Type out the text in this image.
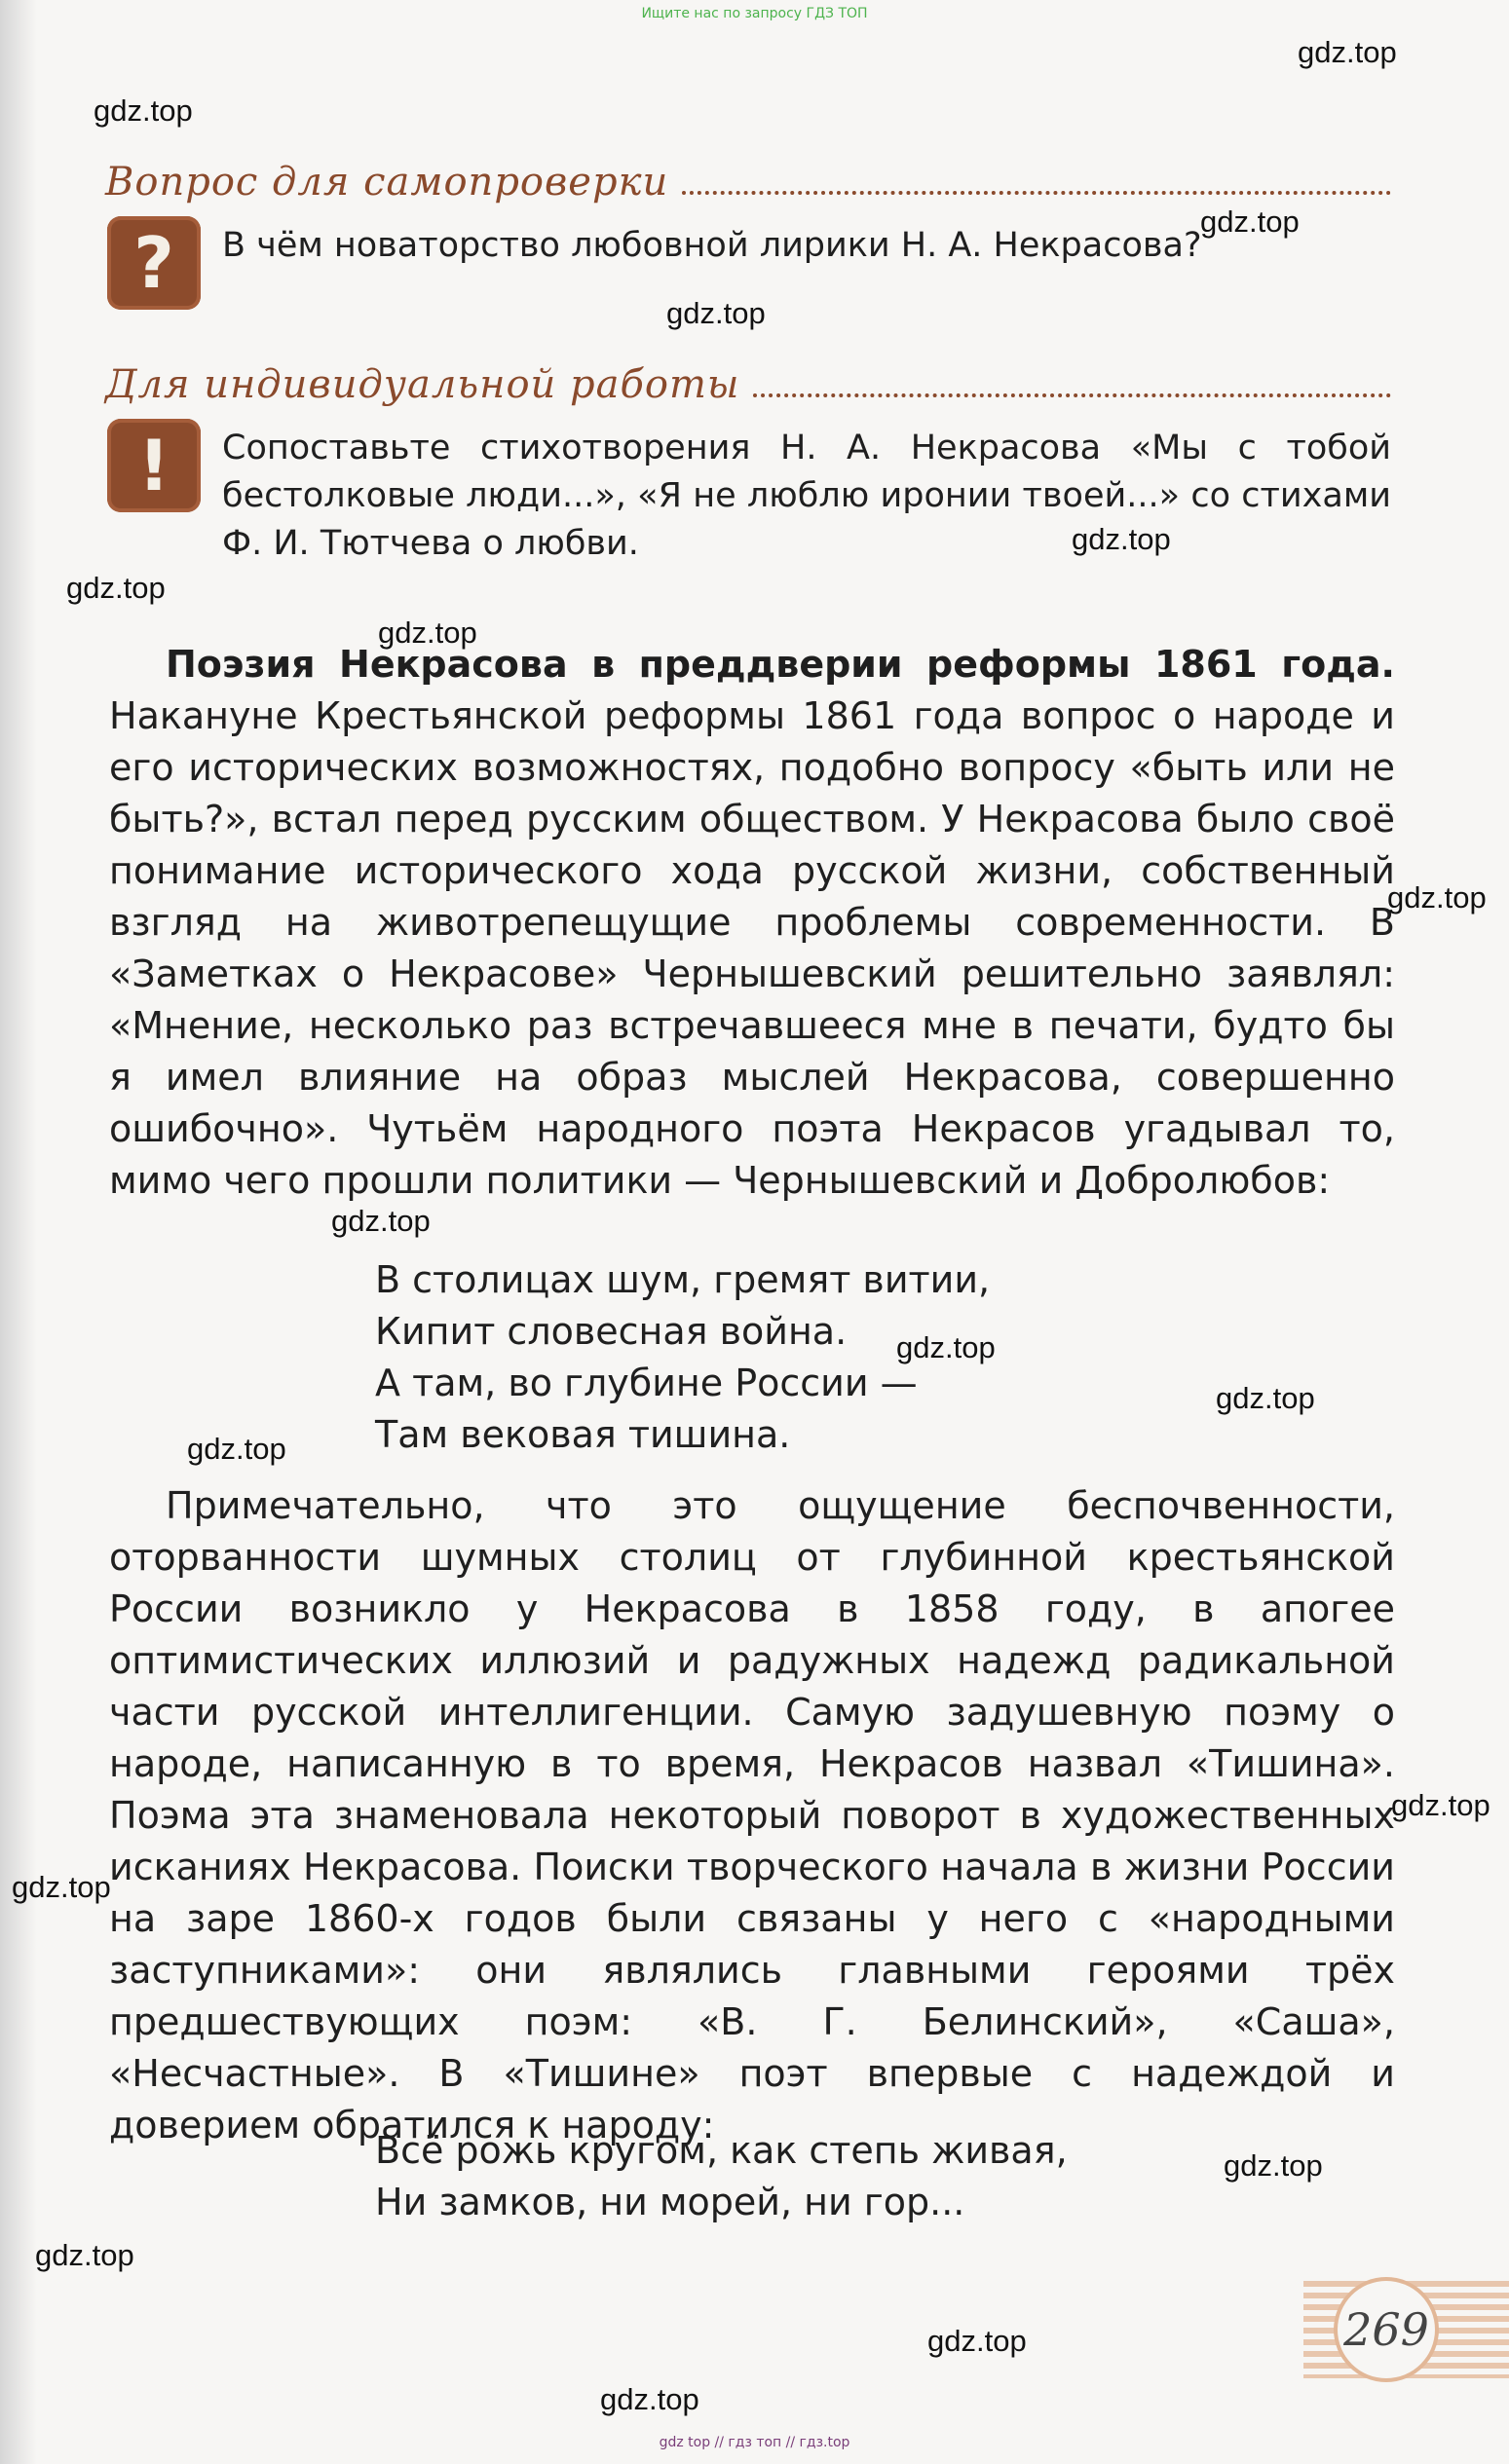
Ищите нас по запросу ГДЗ ТОП
Вопрос для самопроверки
? В чём новаторство любовной лирики Н. А. Некрасова?
Для индивидуальной работы
! Сопоставьте стихотворения Н. А. Некрасова «Мы с тобой бестолковые люди...», «Я не люблю иронии твоей...» со стихами Ф. И. Тютчева о любви.

Поэзия Некрасова в преддверии реформы 1861 года. Накануне Крестьянской реформы 1861 года вопрос о народе и его исторических возможностях, подобно вопросу «быть или не быть?», встал перед русским обществом. У Некрасова было своё понимание исторического хода русской жизни, собственный взгляд на животрепещущие проблемы современности. В «Заметках о Некрасове» Чернышевский решительно заявлял: «Мнение, несколько раз встречавшееся мне в печати, будто бы я имел влияние на образ мыслей Некрасова, совершенно ошибочно». Чутьём народного поэта Некрасов угадывал то, мимо чего прошли политики — Чернышевский и Добролюбов:

В столицах шум, гремят витии,
Кипит словесная война.
А там, во глубине России —
Там вековая тишина.

Примечательно, что это ощущение беспочвенности, оторванности шумных столиц от глубинной крестьянской России возникло у Некрасова в 1858 году, в апогее оптимистических иллюзий и радужных надежд радикальной части русской интеллигенции. Самую задушевную поэму о народе, написанную в то время, Некрасов назвал «Тишина». Поэма эта знаменовала некоторый поворот в художественных исканиях Некрасова. Поиски творческого начала в жизни России на заре 1860-х годов были связаны у него с «народными заступниками»: они являлись главными героями трёх предшествующих поэм: «В. Г. Белинский», «Саша», «Несчастные». В «Тишине» поэт впервые с надеждой и доверием обратился к народу:

Всё рожь кругом, как степь живая,
Ни замков, ни морей, ни гор...
269
gdz.top
gdz.top
gdz.top
gdz.top
gdz.top
gdz.top
gdz.top
gdz.top
gdz.top
gdz.top
gdz.top
gdz.top
gdz.top
gdz.top
gdz.top
gdz.top
gdz.top
gdz.top
gdz top // гдз топ // гдз.top
